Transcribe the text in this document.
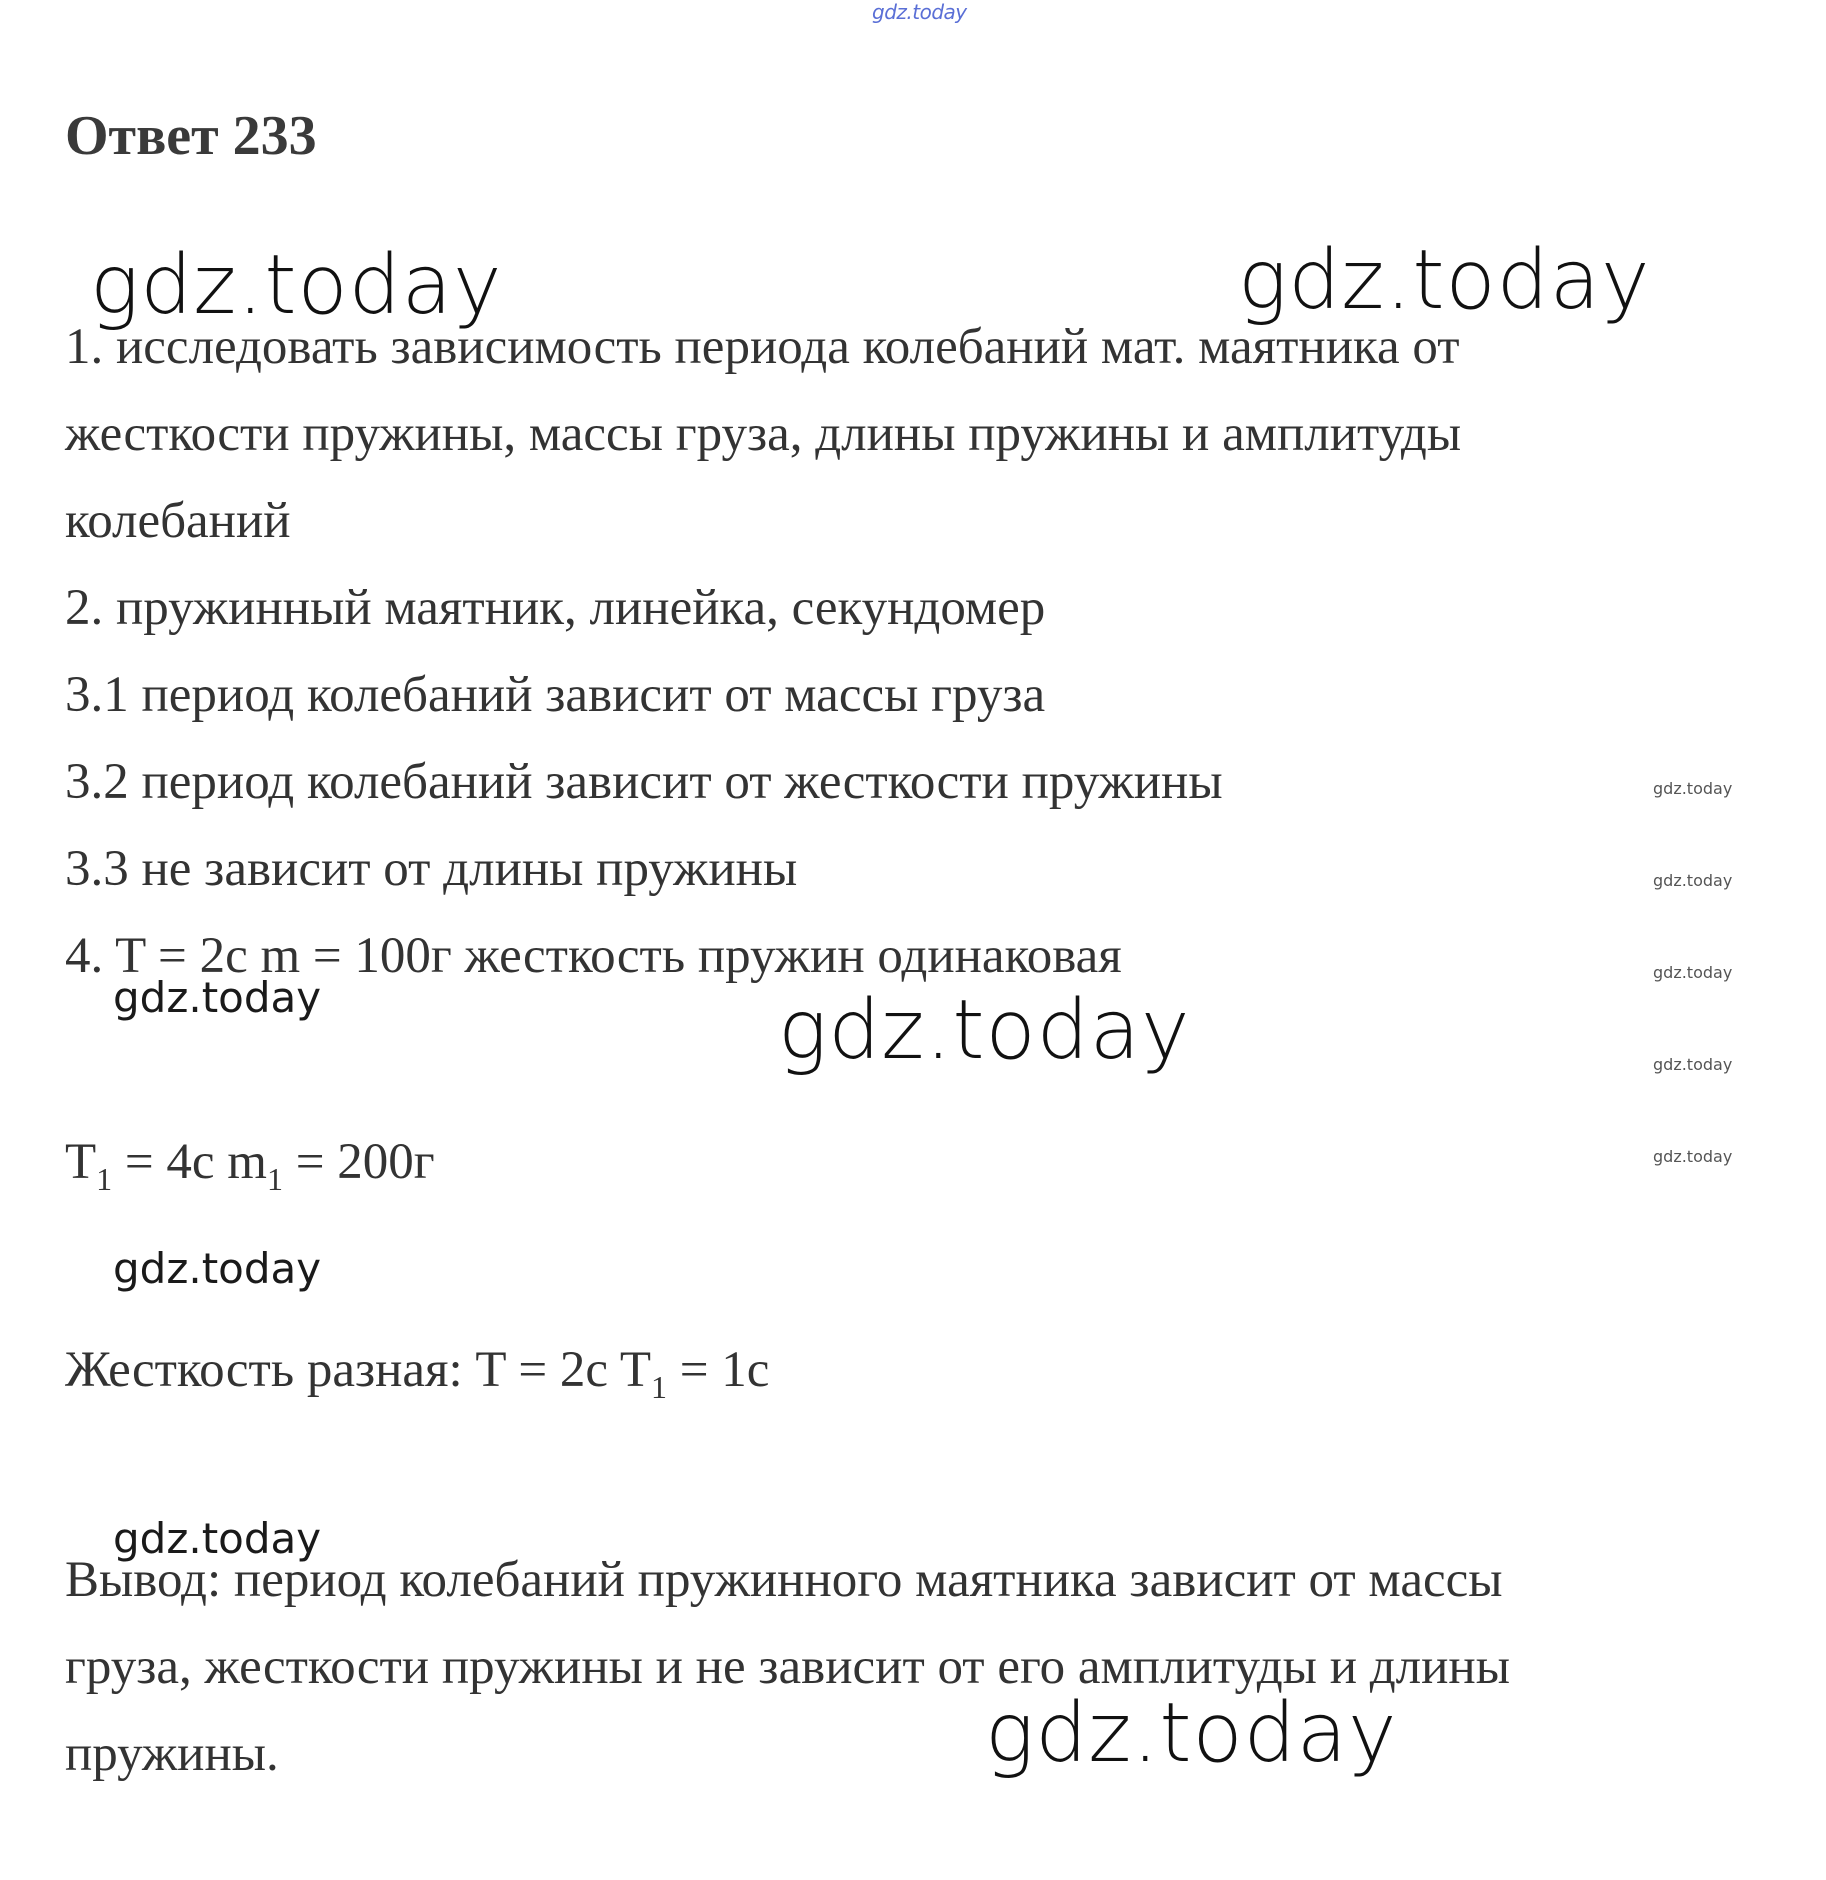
gdz.today
Ответ 233
gdz.today	gdz.today
1. исследовать зависимость периода колебаний мат. маятника от
жесткости пружины, массы груза, длины пружины и амплитуды
колебаний
2. пружинный маятник, линейка, секундомер
3.1 период колебаний зависит от массы груза
3.2 период колебаний зависит от жесткости пружины
3.3 не зависит от длины пружины
4. T = 2c m = 100г жесткость пружин одинаковая
gdz.today	gdz.today
$T_1 = 4c$ $m_1 = 200г$
gdz.today
Жесткость разная: T = 2c $T_1 = 1c$
gdz.today
Вывод: период колебаний пружинного маятника зависит от массы
груза, жесткости пружины и не зависит от его амплитуды и длины
пружины.	gdz.today
gdz.today
gdz.today
gdz.today
gdz.today
gdz.today
